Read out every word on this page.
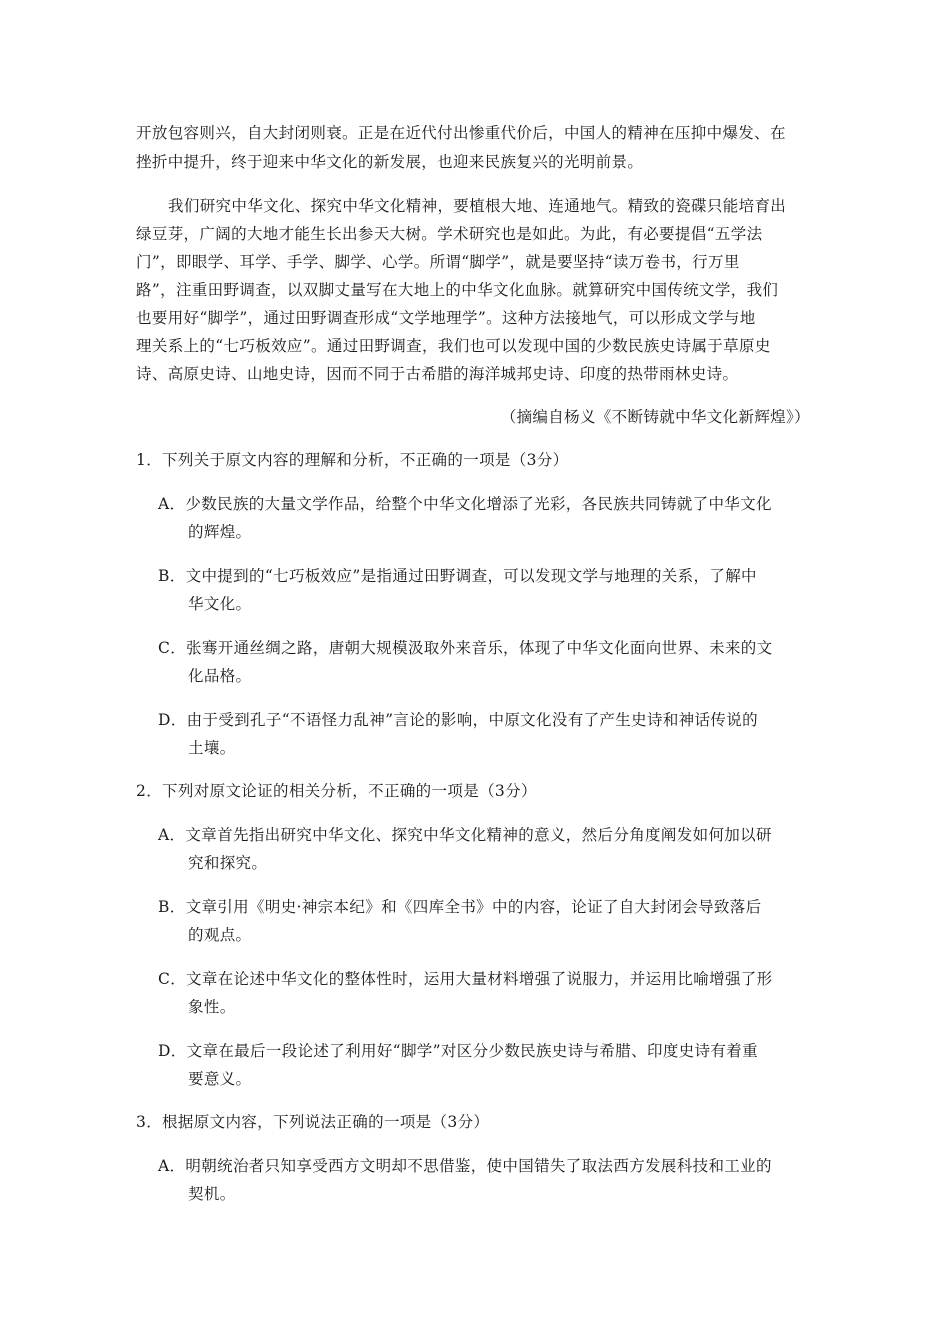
开放包容则兴，自大封闭则衰。正是在近代付出惨重代价后，中国人的精神在压抑中爆发、在
挫折中提升，终于迎来中华文化的新发展，也迎来民族复兴的光明前景。
我们研究中华文化、探究中华文化精神，要植根大地、连通地气。精致的瓷碟只能培育出
绿豆芽，广阔的大地才能生长出参天大树。学术研究也是如此。为此，有必要提倡“五学法
门”，即眼学、耳学、手学、脚学、心学。所谓“脚学”，就是要坚持“读万卷书，行万里
路”，注重田野调查，以双脚丈量写在大地上的中华文化血脉。就算研究中国传统文学，我们
也要用好“脚学”，通过田野调查形成“文学地理学”。这种方法接地气，可以形成文学与地
理关系上的“七巧板效应”。通过田野调查，我们也可以发现中国的少数民族史诗属于草原史
诗、高原史诗、山地史诗，因而不同于古希腊的海洋城邦史诗、印度的热带雨林史诗。
（摘编自杨义《不断铸就中华文化新辉煌》）
1．下列关于原文内容的理解和分析，不正确的一项是（3分）
A．少数民族的大量文学作品，给整个中华文化增添了光彩，各民族共同铸就了中华文化
的辉煌。
B．文中提到的“七巧板效应”是指通过田野调查，可以发现文学与地理的关系，了解中
华文化。
C．张骞开通丝绸之路，唐朝大规模汲取外来音乐，体现了中华文化面向世界、未来的文
化品格。
D．由于受到孔子“不语怪力乱神”言论的影响，中原文化没有了产生史诗和神话传说的
土壤。
2．下列对原文论证的相关分析，不正确的一项是（3分）
A．文章首先指出研究中华文化、探究中华文化精神的意义，然后分角度阐发如何加以研
究和探究。
B．文章引用《明史·神宗本纪》和《四库全书》中的内容，论证了自大封闭会导致落后
的观点。
C．文章在论述中华文化的整体性时，运用大量材料增强了说服力，并运用比喻增强了形
象性。
D．文章在最后一段论述了利用好“脚学”对区分少数民族史诗与希腊、印度史诗有着重
要意义。
3．根据原文内容，下列说法正确的一项是（3分）
A．明朝统治者只知享受西方文明却不思借鉴，使中国错失了取法西方发展科技和工业的
契机。
